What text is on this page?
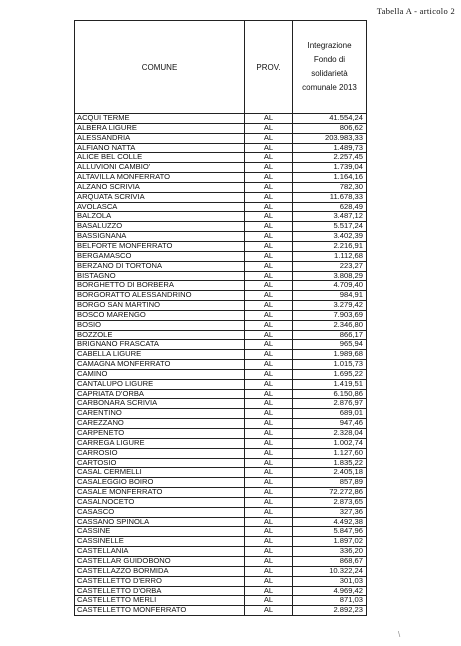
Tabella A - articolo 2
COMUNE	PROV.	Integrazione
Fondo di
solidarietà
comunale 2013

ACQUI TERME	AL	41.554,24
ALBERA LIGURE	AL	806,62
ALESSANDRIA	AL	203.983,33
ALFIANO NATTA	AL	1.489,73
ALICE BEL COLLE	AL	2.257,45
ALLUVIONI CAMBIO'	AL	1.739,04
ALTAVILLA MONFERRATO	AL	1.164,16
ALZANO SCRIVIA	AL	782,30
ARQUATA SCRIVIA	AL	11.678,33
AVOLASCA	AL	628,49
BALZOLA	AL	3.487,12
BASALUZZO	AL	5.517,24
BASSIGNANA	AL	3.402,39
BELFORTE MONFERRATO	AL	2.216,91
BERGAMASCO	AL	1.112,68
BERZANO DI TORTONA	AL	223,27
BISTAGNO	AL	3.808,29
BORGHETTO DI BORBERA	AL	4.709,40
BORGORATTO ALESSANDRINO	AL	984,91
BORGO SAN MARTINO	AL	3.279,42
BOSCO MARENGO	AL	7.903,69
BOSIO	AL	2.346,80
BOZZOLE	AL	866,17
BRIGNANO FRASCATA	AL	965,94
CABELLA LIGURE	AL	1.989,68
CAMAGNA MONFERRATO	AL	1.015,73
CAMINO	AL	1.695,22
CANTALUPO LIGURE	AL	1.419,51
CAPRIATA D'ORBA	AL	6.150,86
CARBONARA SCRIVIA	AL	2.876,97
CARENTINO	AL	689,01
CAREZZANO	AL	947,46
CARPENETO	AL	2.328,04
CARREGA LIGURE	AL	1.002,74
CARROSIO	AL	1.127,60
CARTOSIO	AL	1.835,22
CASAL CERMELLI	AL	2.405,18
CASALEGGIO BOIRO	AL	857,89
CASALE MONFERRATO	AL	72.272,86
CASALNOCETO	AL	2.873,65
CASASCO	AL	327,36
CASSANO SPINOLA	AL	4.492,38
CASSINE	AL	5.847,96
CASSINELLE	AL	1.897,02
CASTELLANIA	AL	336,20
CASTELLAR GUIDOBONO	AL	868,67
CASTELLAZZO BORMIDA	AL	10.322,24
CASTELLETTO D'ERRO	AL	301,03
CASTELLETTO D'ORBA	AL	4.969,42
CASTELLETTO MERLI	AL	871,03
CASTELLETTO MONFERRATO	AL	2.892,23
\
